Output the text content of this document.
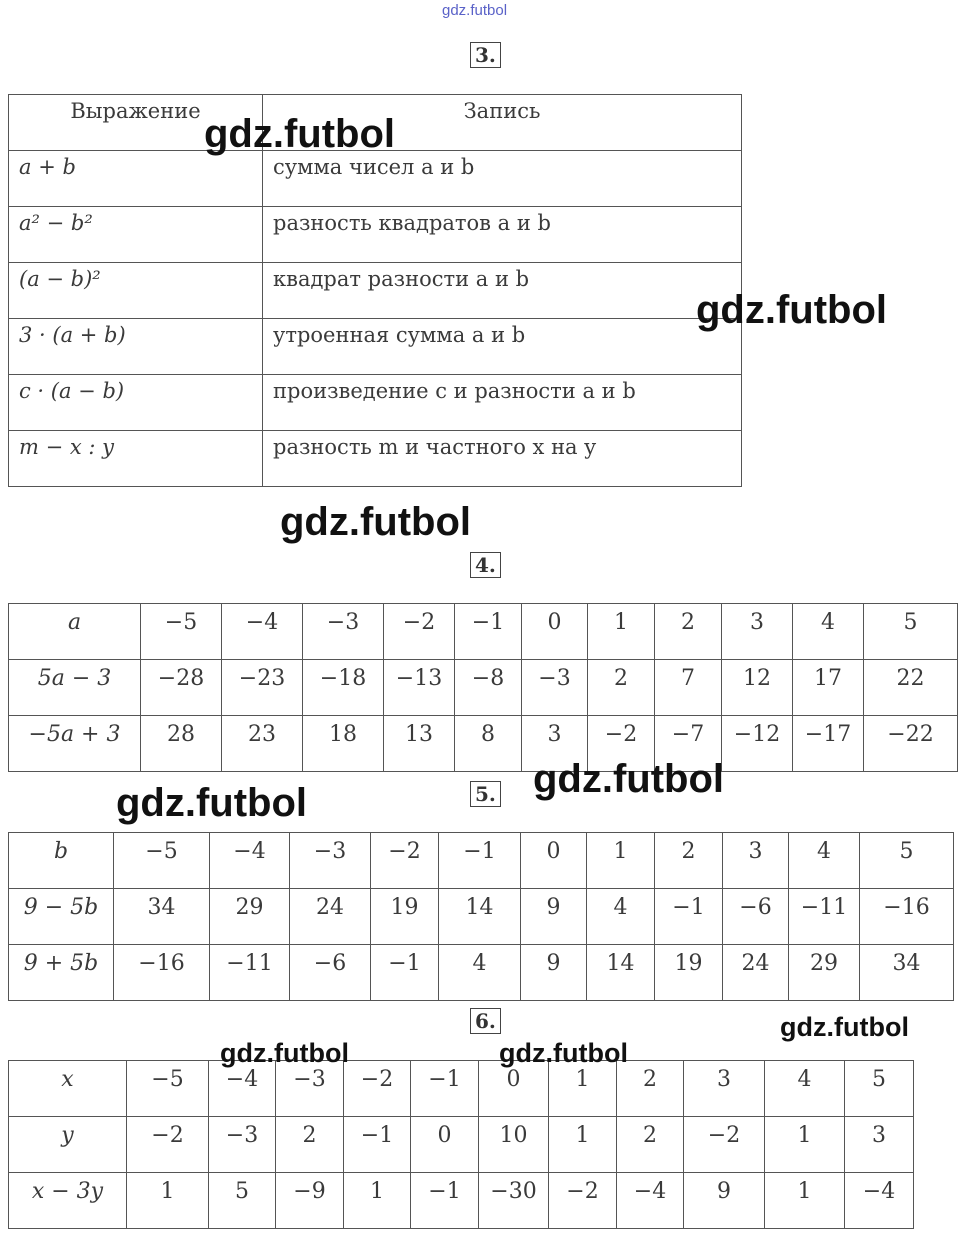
gdz.futbol
3.
Выражение	Запись
a + b	сумма чисел a и b
a² − b²	разность квадратов a и b
(a − b)²	квадрат разности a и b
3 · (a + b)	утроенная сумма a и b
c · (a − b)	произведение c и разности a и b
m − x : y	разность m и частного x на y
4.
a	−5	−4	−3	−2	−1	0	1	2	3	4	5
5a − 3	−28	−23	−18	−13	−8	−3	2	7	12	17	22
−5a + 3	28	23	18	13	8	3	−2	−7	−12	−17	−22
5.
b	−5	−4	−3	−2	−1	0	1	2	3	4	5
9 − 5b	34	29	24	19	14	9	4	−1	−6	−11	−16
9 + 5b	−16	−11	−6	−1	4	9	14	19	24	29	34
6.
x	−5	−4	−3	−2	−1	0	1	2	3	4	5
y	−2	−3	2	−1	0	10	1	2	−2	1	3
x − 3y	1	5	−9	1	−1	−30	−2	−4	9	1	−4
gdz.futbol
gdz.futbol
gdz.futbol
gdz.futbol
gdz.futbol
gdz.futbol
gdz.futbol	gdz.futbol
